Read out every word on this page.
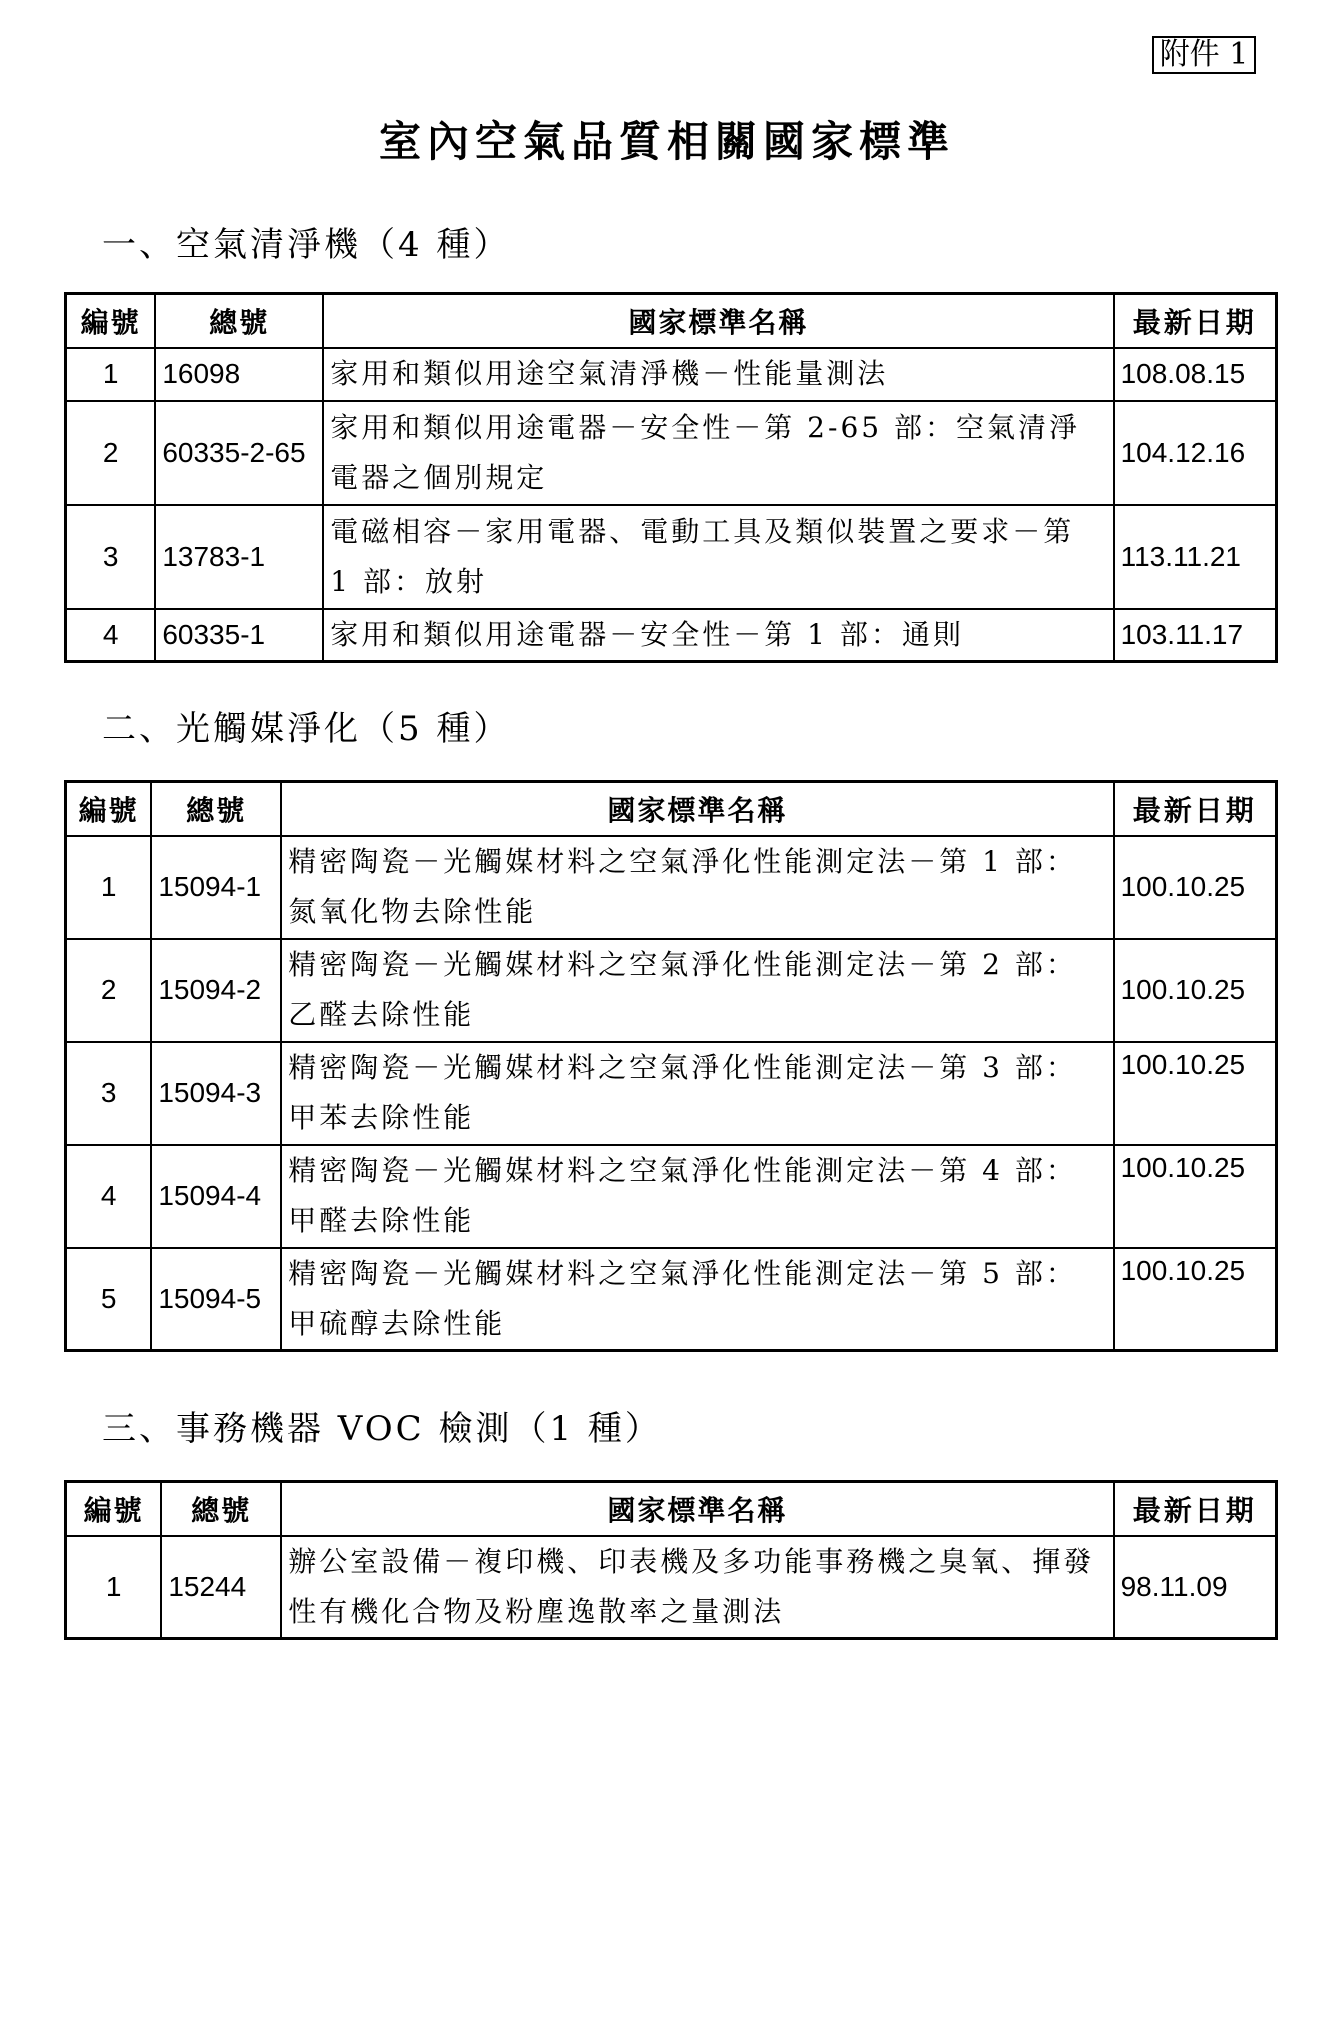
附件 1
室內空氣品質相關國家標準
一、空氣清淨機（4 種）
編號	總號	國家標準名稱	最新日期
1	16098	家用和類似用途空氣清淨機－性能量測法	108.08.15
2	60335-2-65	家用和類似用途電器－安全性－第 2-65 部：空氣清淨電器之個別規定	104.12.16
3	13783-1	電磁相容－家用電器、電動工具及類似裝置之要求－第 1 部：放射	113.11.21
4	60335-1	家用和類似用途電器－安全性－第 1 部：通則	103.11.17
二、光觸媒淨化（5 種）
編號	總號	國家標準名稱	最新日期
1	15094-1	精密陶瓷－光觸媒材料之空氣淨化性能測定法－第 1 部：氮氧化物去除性能	100.10.25
2	15094-2	精密陶瓷－光觸媒材料之空氣淨化性能測定法－第 2 部：乙醛去除性能	100.10.25
3	15094-3	精密陶瓷－光觸媒材料之空氣淨化性能測定法－第 3 部：甲苯去除性能	100.10.25
4	15094-4	精密陶瓷－光觸媒材料之空氣淨化性能測定法－第 4 部：甲醛去除性能	100.10.25
5	15094-5	精密陶瓷－光觸媒材料之空氣淨化性能測定法－第 5 部：甲硫醇去除性能	100.10.25
三、事務機器 VOC 檢測（1 種）
編號	總號	國家標準名稱	最新日期
1	15244	辦公室設備－複印機、印表機及多功能事務機之臭氧、揮發性有機化合物及粉塵逸散率之量測法	98.11.09
